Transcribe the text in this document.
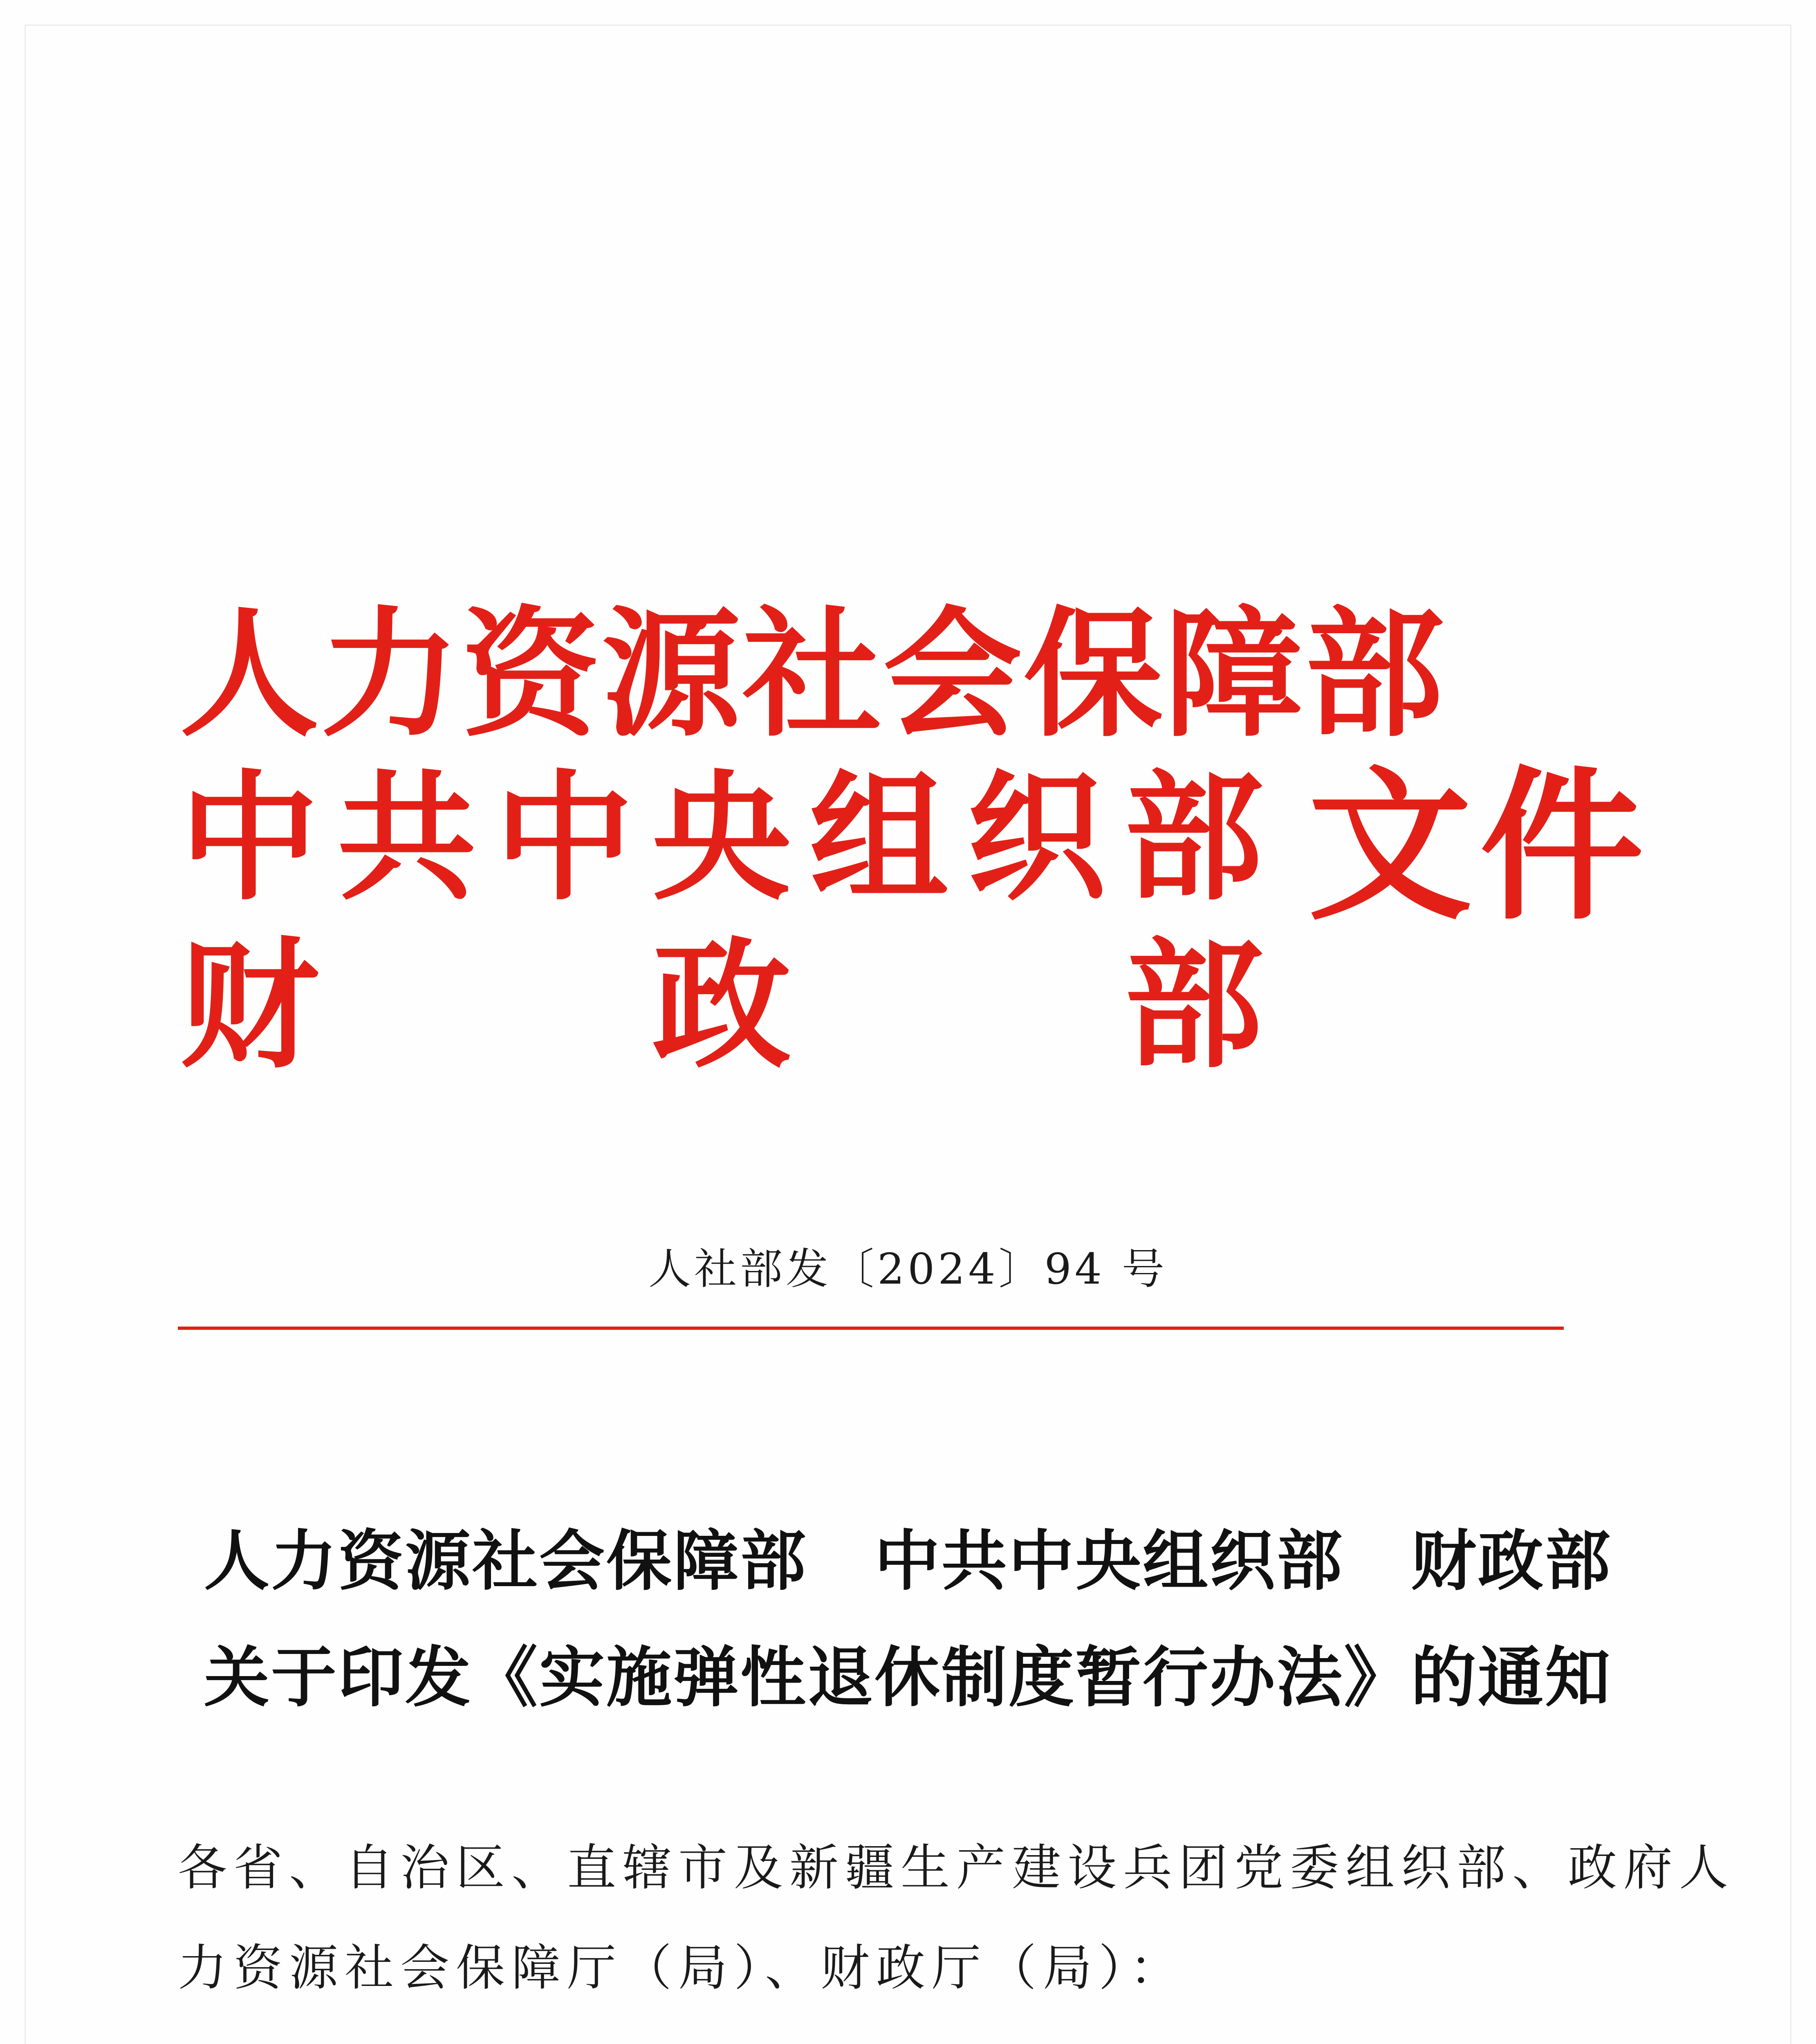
人力资源社会保障部
中 共 中 央 组 织 部 文件
财 政 部
人社部发〔2024〕94 号
人力资源社会保障部　中共中央组织部　财政部
关于印发《实施弹性退休制度暂行办法》的通知
各省、自治区、直辖市及新疆生产建设兵团党委组织部、政府人
力资源社会保障厅（局）、财政厅（局）：
